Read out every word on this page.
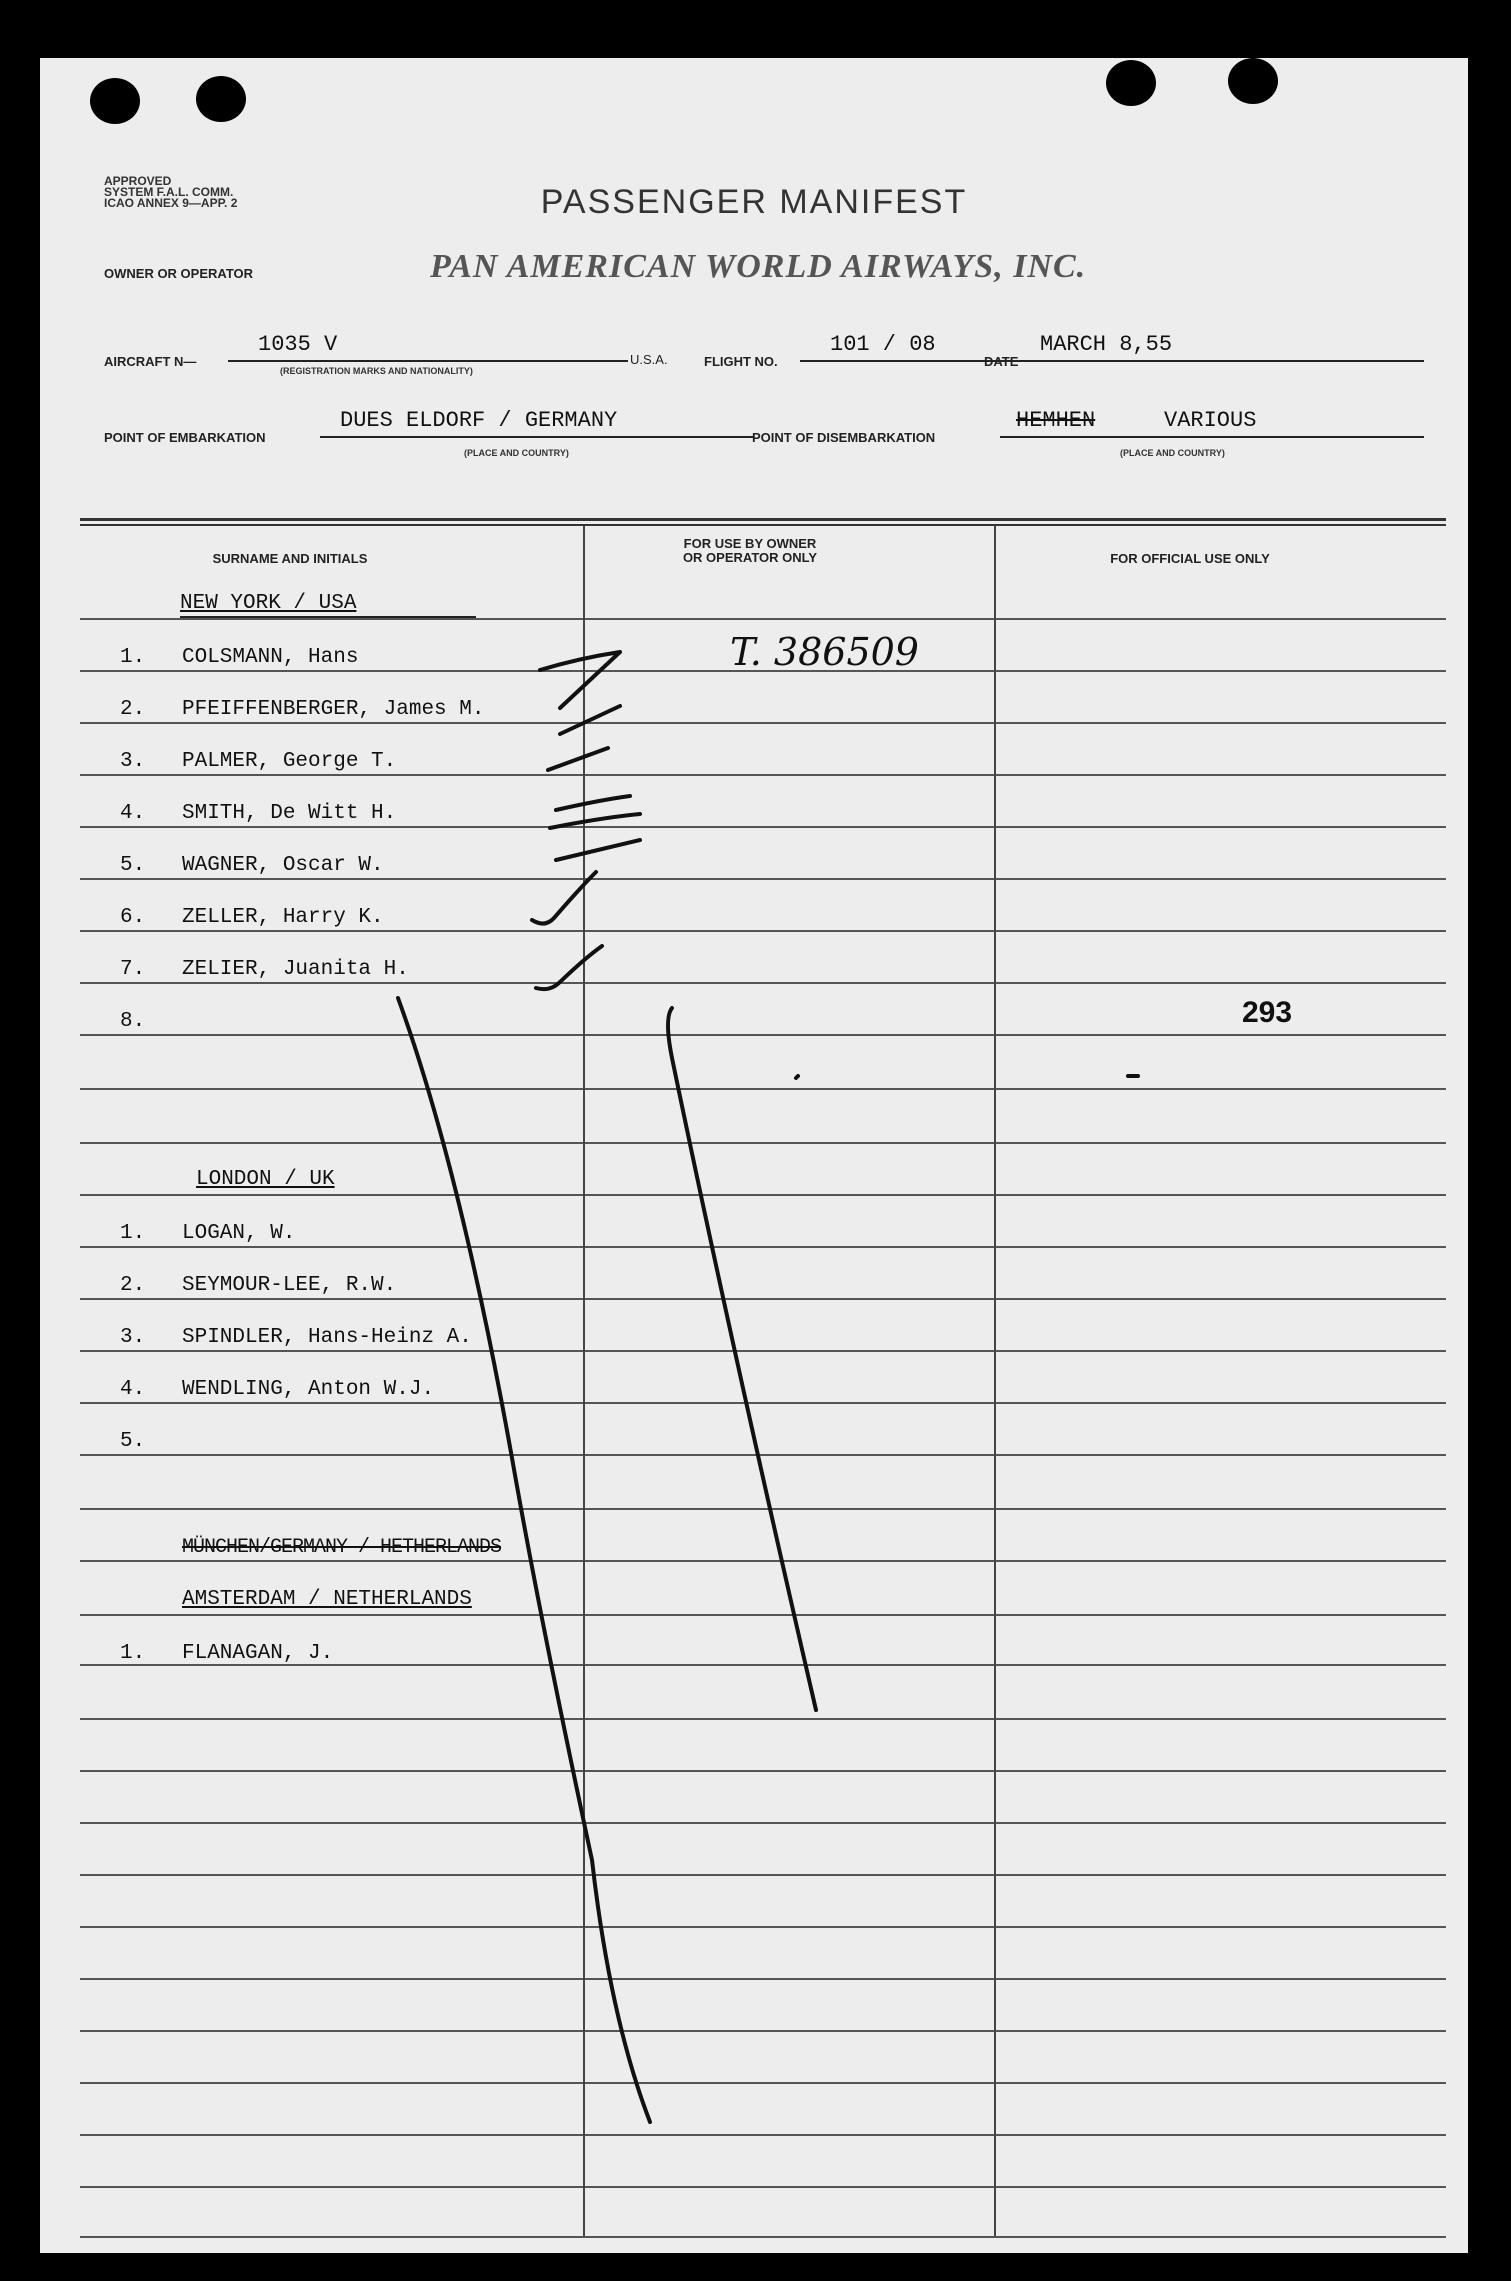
APPROVED
SYSTEM F.A.L. COMM.
ICAO ANNEX 9—APP. 2	PASSENGER MANIFEST
OWNER OR OPERATOR	PAN AMERICAN WORLD AIRWAYS, INC.
AIRCRAFT N—
1035 V
(REGISTRATION MARKS AND NATIONALITY)
U.S.A.	FLIGHT NO.
101 / 08
DATE
MARCH 8,55
POINT OF EMBARKATION
DUES ELDORF / GERMANY
(PLACE AND COUNTRY)
POINT OF DISEMBARKATION
HEMHEN	VARIOUS
(PLACE AND COUNTRY)
SURNAME AND INITIALS
FOR USE BY OWNER
OR OPERATOR ONLY	FOR OFFICIAL USE ONLY
NEW YORK / USA
1. COLSMANN, Hans
2. PFEIFFENBERGER, James M.
3. PALMER, George T.
4. SMITH, De Witt H.
5. WAGNER, Oscar W.
6. ZELLER, Harry K.
7. ZELIER, Juanita H.
8.
LONDON / UK
1. LOGAN, W.
2. SEYMOUR-LEE, R.W.
3. SPINDLER, Hans-Heinz A.
4. WENDLING, Anton W.J.
5.
MÜNCHEN/GERMANY / HETHERLANDS
AMSTERDAM / NETHERLANDS
1. FLANAGAN, J.
T. 386509
293
